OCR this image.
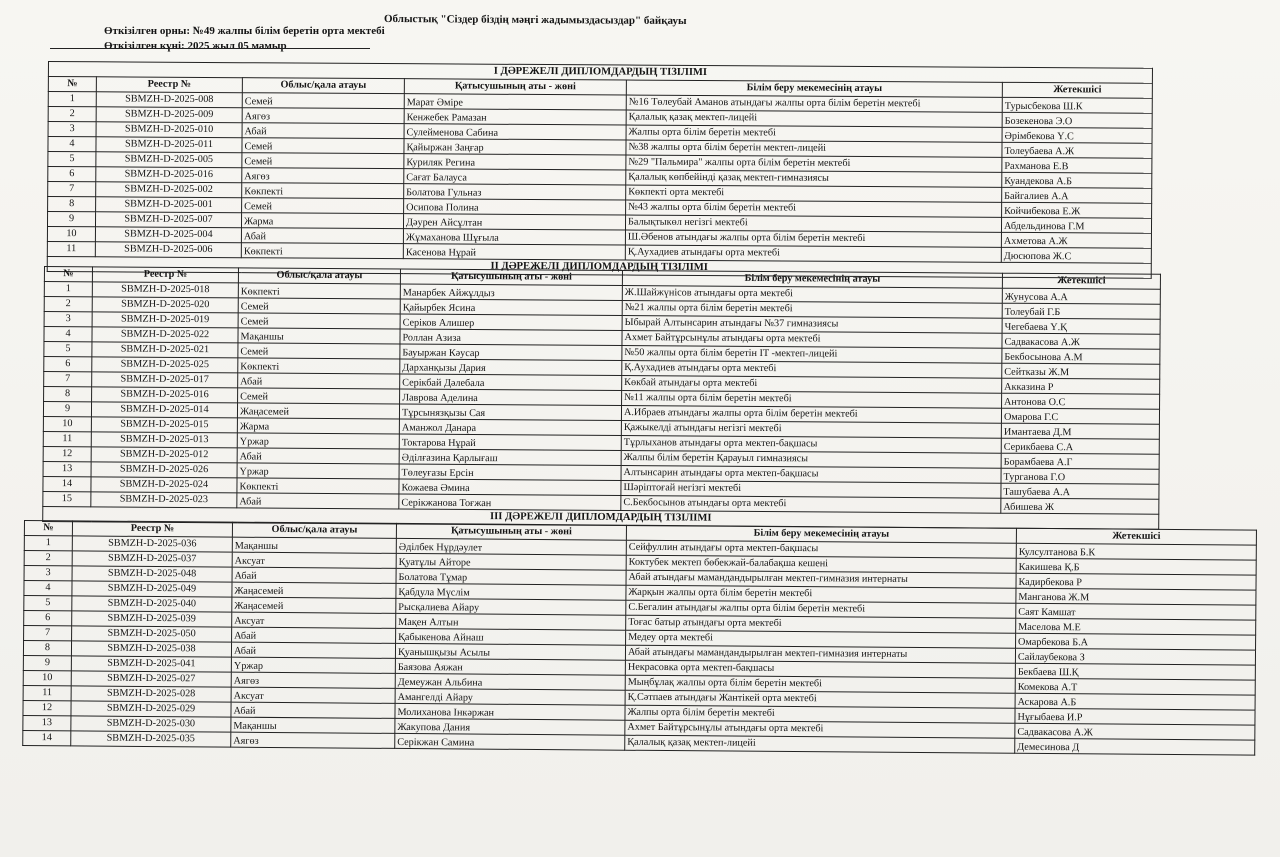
Облыстық "Сіздер біздің мәңгі жадымыздасыздар" байқауы
Өткізілген орны: №49 жалпы білім беретін орта мектебі
Өткізілген күні: 2025 жыл 05 мамыр
І ДӘРЕЖЕЛІ ДИПЛОМДАРДЫҢ ТІЗІЛІМІ					
№	Реестр №	Облыс/қала атауы	Қатысушының аты - жөні	Білім беру мекемесінің атауы	Жетекшісі
1	SBMZH-D-2025-008	Семей	Марат Әміре	№16 Төлеубай Аманов атындағы жалпы орта білім беретін мектебі	Турысбекова Ш.К
2	SBMZH-D-2025-009	Аягөз	Кенжебек Рамазан	Қалалық қазақ мектеп-лицейі	Бозекенова Э.О
3	SBMZH-D-2025-010	Абай	Сулейменова Сабина	Жалпы орта білім беретін мектебі	Әрімбекова Ү.С
4	SBMZH-D-2025-011	Семей	Қайыржан Заңғар	№38 жалпы орта білім беретін мектеп-лицейі	Толеубаева А.Ж
5	SBMZH-D-2025-005	Семей	Куриляк Регина	№29 "Пальмира" жалпы орта білім беретін мектебі	Рахманова Е.В
6	SBMZH-D-2025-016	Аягөз	Сағат Балауса	Қалалық көпбейінді қазақ мектеп-гимназиясы	Куандекова А.Б
7	SBMZH-D-2025-002	Көкпекті	Болатова Гульназ	Көкпекті орта мектебі	Байгалиев А.А
8	SBMZH-D-2025-001	Семей	Осипова Полина	№43 жалпы орта білім беретін мектебі	Койчибекова Е.Ж
9	SBMZH-D-2025-007	Жарма	Дәурен Айсұлтан	Балықтыкөл негізгі мектебі	Абдельдинова Г.М
10	SBMZH-D-2025-004	Абай	Жұмаханова Шұғыла	Ш.Әбенов атындағы жалпы орта білім беретін мектебі	Ахметова А.Ж
11	SBMZH-D-2025-006	Көкпекті	Касенова Нұрай	Қ.Аухадиев атындағы орта мектебі	Дюсюпова Ж.С
ІІ ДӘРЕЖЕЛІ ДИПЛОМДАРДЫҢ ТІЗІЛІМІ					
№	Реестр №	Облыс/қала атауы	Қатысушының аты - жөні	Білім беру мекемесінің атауы	Жетекшісі
1	SBMZH-D-2025-018	Көкпекті	Манарбек Айжұлдыз	Ж.Шайжүнісов атындағы орта мектебі	Жунусова А.А
2	SBMZH-D-2025-020	Семей	Қайырбек Ясина	№21 жалпы орта білім беретін мектебі	Толеубай Г.Б
3	SBMZH-D-2025-019	Семей	Серіков Алишер	Ыбырай Алтынсарин атындағы №37 гимназиясы	Чегебаева Ү.Қ
4	SBMZH-D-2025-022	Мақаншы	Роллан Азиза	Ахмет Байтұрсынұлы атындағы орта мектебі	Садвакасова А.Ж
5	SBMZH-D-2025-021	Семей	Бауыржан Кәусар	№50 жалпы орта білім беретін IT -мектеп-лицейі	Бекбосынова А.М
6	SBMZH-D-2025-025	Көкпекті	Дарханқызы Дария	Қ.Аухадиев атындағы орта мектебі	Сейтказы Ж.М
7	SBMZH-D-2025-017	Абай	Серікбай Дәлебала	Көкбай атындағы орта мектебі	Акказина Р
8	SBMZH-D-2025-016	Семей	Лаврова Аделина	№11 жалпы орта білім беретін мектебі	Антонова О.С
9	SBMZH-D-2025-014	Жаңасемей	Тұрсынязқызы Сая	А.Ибраев атындағы жалпы орта білім беретін мектебі	Омарова Г.С
10	SBMZH-D-2025-015	Жарма	Аманжол Данара	Қажыкелді атындағы негізгі мектебі	Имантаева Д.М
11	SBMZH-D-2025-013	Үржар	Токтарова Нұрай	Тұрлыханов атындағы орта мектеп-бақшасы	Серикбаева С.А
12	SBMZH-D-2025-012	Абай	Әділғазина Қарлығаш	Жалпы білім беретін Қарауыл гимназиясы	Борамбаева А.Г
13	SBMZH-D-2025-026	Үржар	Төлеуғазы Ерсін	Алтынсарин атындағы орта мектеп-бақшасы	Турганова Г.О
14	SBMZH-D-2025-024	Көкпекті	Кожаева Әмина	Шәріптоғай негізгі мектебі	Ташубаева А.А
15	SBMZH-D-2025-023	Абай	Серікжанова Тоғжан	С.Бекбосынов атындағы орта мектебі	Абишева Ж
ІІІ ДӘРЕЖЕЛІ ДИПЛОМДАРДЫҢ ТІЗІЛІМІ					
№	Реестр №	Облыс/қала атауы	Қатысушының аты - жөні	Білім беру мекемесінің атауы	Жетекшісі
1	SBMZH-D-2025-036	Мақаншы	Әділбек Нұрдәулет	Сейфуллин атындағы орта мектеп-бақшасы	Кулсултанова Б.К
2	SBMZH-D-2025-037	Аксуат	Қуатұлы Айторе	Коктубек мектеп бөбекжай-балабақша кешені	Какишева Қ.Б
3	SBMZH-D-2025-048	Абай	Болатова Тұмар	Абай атындағы мамандандырылған мектеп-гимназия интернаты	Кадирбекова Р
4	SBMZH-D-2025-049	Жаңасемей	Қабдула Мүслім	Жарқын жалпы орта білім беретін мектебі	Манганова Ж.М
5	SBMZH-D-2025-040	Жаңасемей	Рысқалиева Айару	С.Бегалин атындағы жалпы орта білім беретін мектебі	Саят Камшат
6	SBMZH-D-2025-039	Аксуат	Мақен Алтын	Тоғас батыр атындағы орта мектебі	Маселова М.Е
7	SBMZH-D-2025-050	Абай	Қабыкенова Айнаш	Медеу орта мектебі	Омарбекова Б.А
8	SBMZH-D-2025-038	Абай	Қуанышқызы Асылы	Абай атындағы мамандандырылған мектеп-гимназия интернаты	Сайлаубекова З
9	SBMZH-D-2025-041	Үржар	Баязова Аяжан	Некрасовка орта мектеп-бақшасы	Бекбаева Ш.Қ
10	SBMZH-D-2025-027	Аягөз	Демеужан Альбина	Мыңбұлақ жалпы орта білім беретін мектебі	Комекова А.Т
11	SBMZH-D-2025-028	Аксуат	Амангелді Айару	Қ.Сәтпаев атындағы Жантікей орта мектебі	Аскарова А.Б
12	SBMZH-D-2025-029	Абай	Молиханова Інкәржан	Жалпы орта білім беретін мектебі	Нұғыбаева И.Р
13	SBMZH-D-2025-030	Мақаншы	Жакупова Дания	Ахмет Байтұрсынұлы атындағы орта мектебі	Садвакасова А.Ж
14	SBMZH-D-2025-035	Аягөз	Серікжан Самина	Қалалық қазақ мектеп-лицейі	Демесинова Д
